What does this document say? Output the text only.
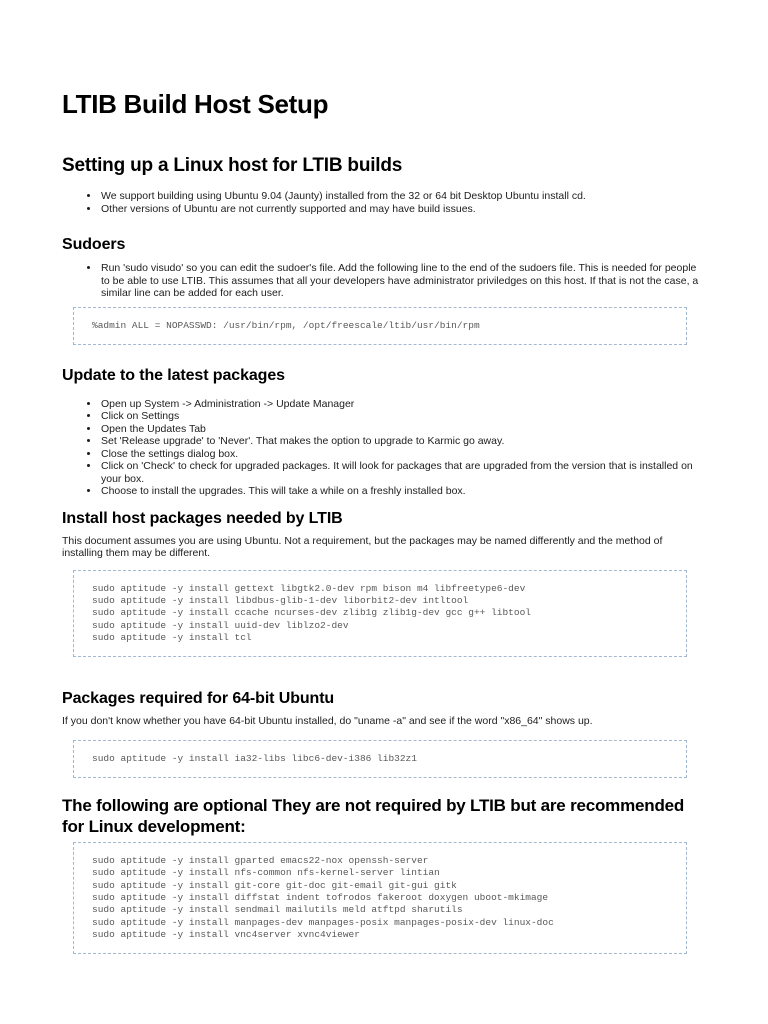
LTIB Build Host Setup
Setting up a Linux host for LTIB builds
• We support building using Ubuntu 9.04 (Jaunty) installed from the 32 or 64 bit Desktop Ubuntu install cd.
• Other versions of Ubuntu are not currently supported and may have build issues.
Sudoers
• Run 'sudo visudo' so you can edit the sudoer's file. Add the following line to the end of the sudoers file. This is needed for people to be able to use LTIB. This assumes that all your developers have administrator priviledges on this host. If that is not the case, a similar line can be added for each user.
%admin ALL = NOPASSWD: /usr/bin/rpm, /opt/freescale/ltib/usr/bin/rpm
Update to the latest packages
• Open up System -> Administration -> Update Manager
• Click on Settings
• Open the Updates Tab
• Set 'Release upgrade' to 'Never'. That makes the option to upgrade to Karmic go away.
• Close the settings dialog box.
• Click on 'Check' to check for upgraded packages. It will look for packages that are upgraded from the version that is installed on your box.
• Choose to install the upgrades. This will take a while on a freshly installed box.
Install host packages needed by LTIB

This document assumes you are using Ubuntu. Not a requirement, but the packages may be named differently and the method of installing them may be different.

sudo aptitude -y install gettext libgtk2.0-dev rpm bison m4 libfreetype6-dev
sudo aptitude -y install libdbus-glib-1-dev liborbit2-dev intltool
sudo aptitude -y install ccache ncurses-dev zlib1g zlib1g-dev gcc g++ libtool
sudo aptitude -y install uuid-dev liblzo2-dev
sudo aptitude -y install tcl
Packages required for 64-bit Ubuntu

If you don't know whether you have 64-bit Ubuntu installed, do "uname -a" and see if the word "x86_64" shows up.

sudo aptitude -y install ia32-libs libc6-dev-i386 lib32z1
The following are optional They are not required by LTIB but are recommended for Linux development:
sudo aptitude -y install gparted emacs22-nox openssh-server
sudo aptitude -y install nfs-common nfs-kernel-server lintian
sudo aptitude -y install git-core git-doc git-email git-gui gitk
sudo aptitude -y install diffstat indent tofrodos fakeroot doxygen uboot-mkimage
sudo aptitude -y install sendmail mailutils meld atftpd sharutils
sudo aptitude -y install manpages-dev manpages-posix manpages-posix-dev linux-doc
sudo aptitude -y install vnc4server xvnc4viewer
